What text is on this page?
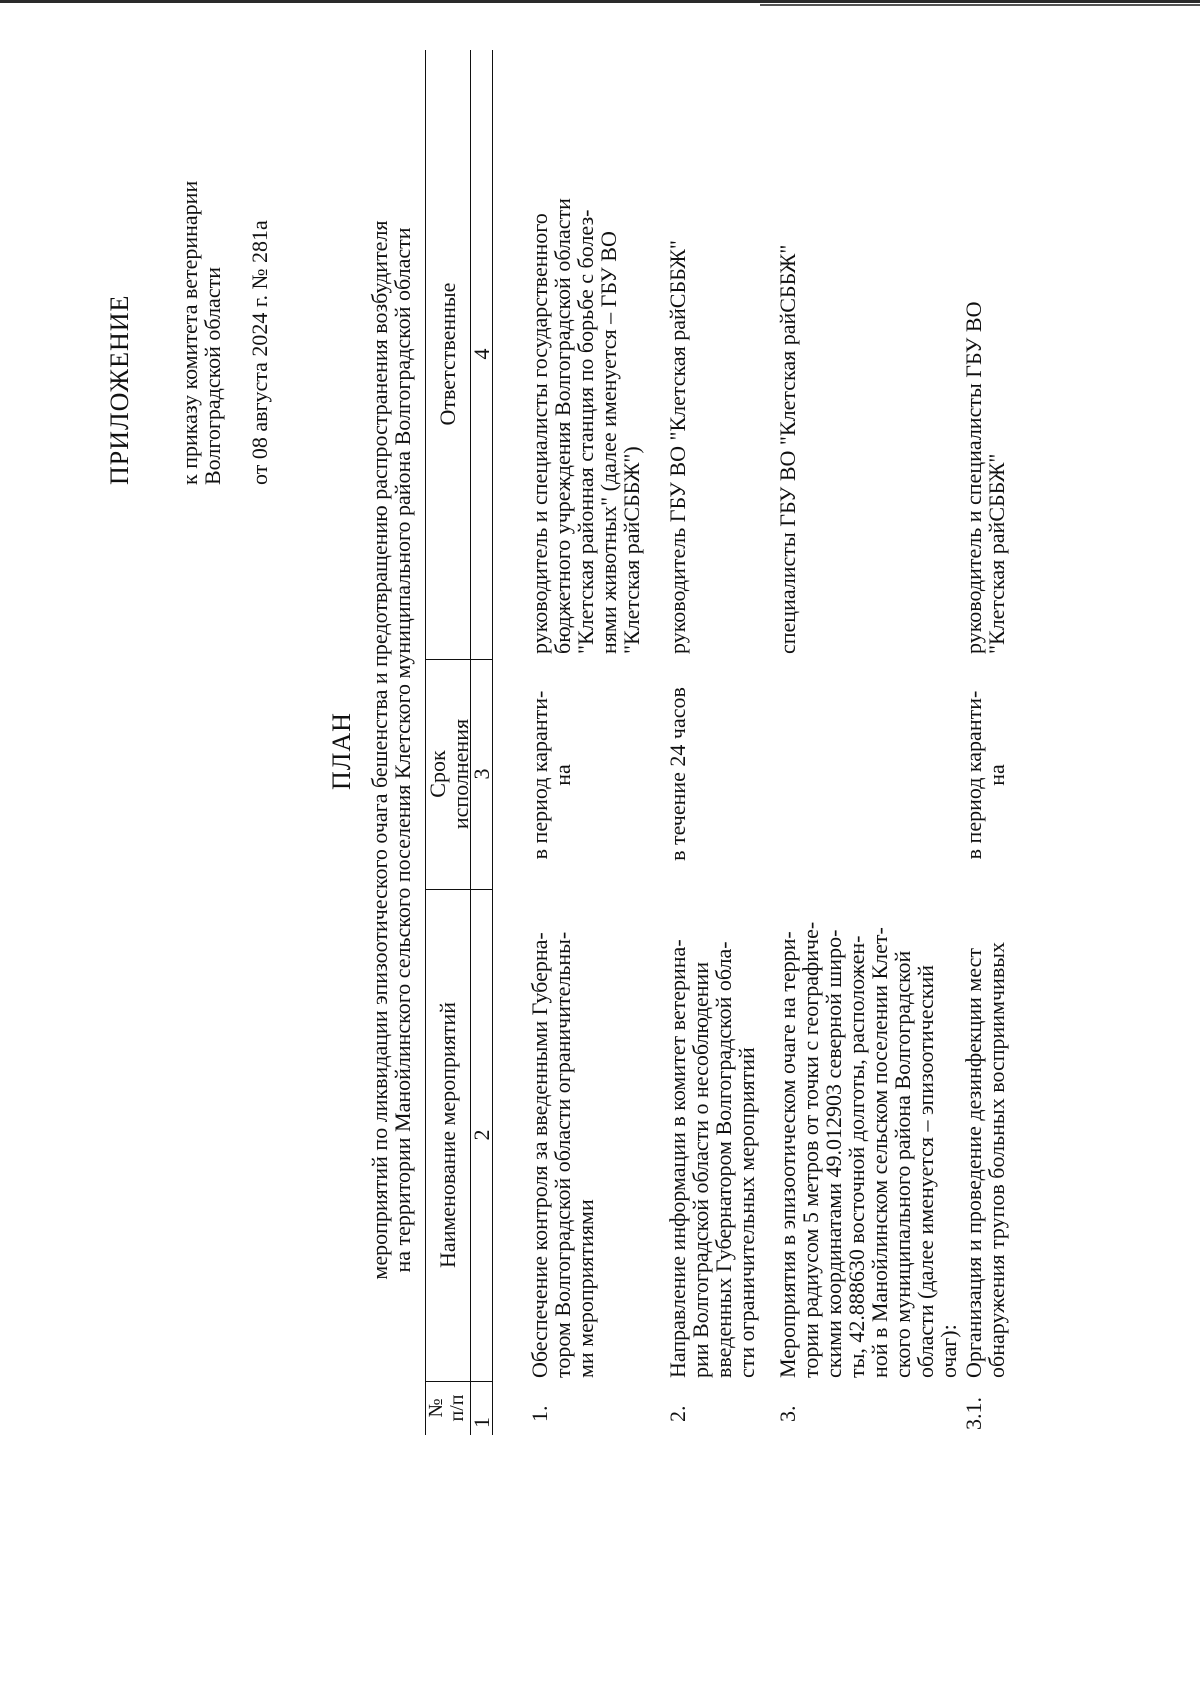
ПРИЛОЖЕНИЕ к приказу комитета ветеринарии
Волгоградской области от 08 августа 2024 г. № 281а
ПЛАН мероприятий по ликвидации эпизоотического очага бешенства и предотвращению распространения возбудителя
на территории Манойлинского сельского поселения Клетского муниципального района Волгоградской области
№ п/п
Наименование мероприятий
Срок
исполнения
Ответственные
1
2
3
4
1.
Обеспечение контроля за введенными Губерна-
тором Волгоградской области ограничительны-
ми мероприятиями
в период каранти-
на
руководитель и специалисты государственного
бюджетного учреждения Волгоградской области
"Клетская районная станция по борьбе с болез-
нями животных" (далее именуется – ГБУ ВО
"Клетская райСББЖ")
2.
Направление информации в комитет ветерина-
рии Волгоградской области о несоблюдении
введенных Губернатором Волгоградской обла-
сти ограничительных мероприятий
в течение 24 часов
руководитель ГБУ ВО "Клетская райСББЖ"
3.
Мероприятия в эпизоотическом очаге на терри-
тории радиусом 5 метров от точки с географиче-
скими координатами 49.012903 северной широ-
ты, 42.888630 восточной долготы, расположен-
ной в Манойлинском сельском поселении Клет-
ского муниципального района Волгоградской
области (далее именуется – эпизоотический
очаг):
специалисты ГБУ ВО "Клетская райСББЖ"
3.1.
Организация и проведение дезинфекции мест
обнаружения трупов больных восприимчивых
в период каранти-
на
руководитель и специалисты ГБУ ВО
"Клетская райСББЖ"
